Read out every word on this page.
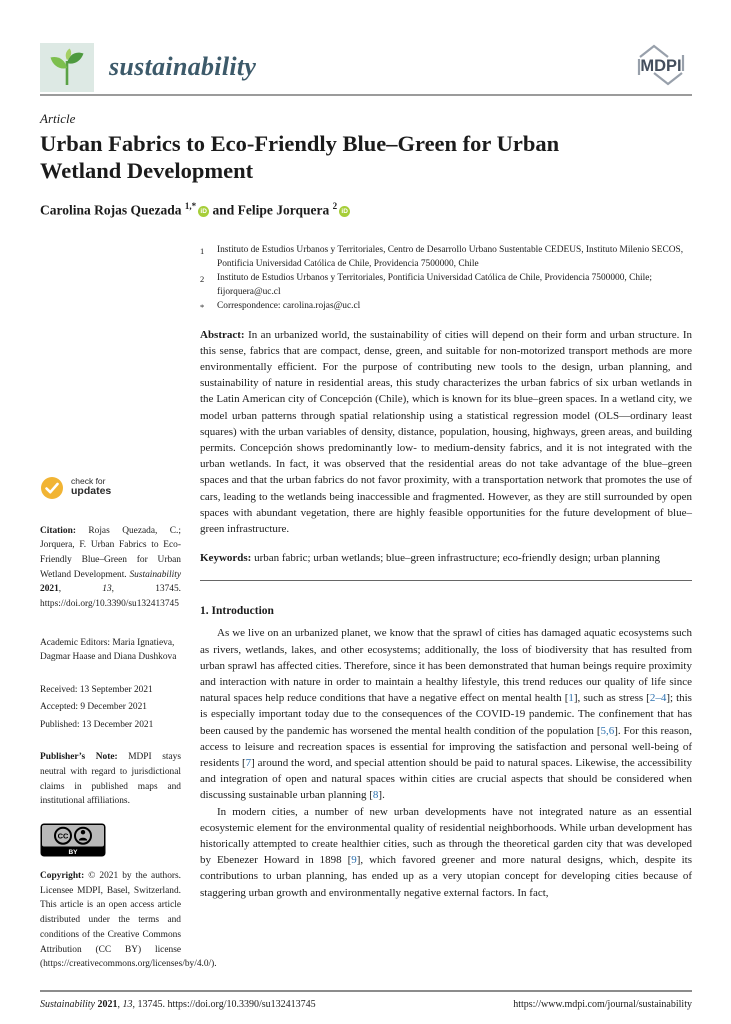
sustainability	MDPI
Article
Urban Fabrics to Eco-Friendly Blue–Green for Urban Wetland Development
Carolina Rojas Quezada $^{1,*}$ iD and Felipe Jorquera $^2$ iD
check for
updates
Citation: Rojas Quezada, C.; Jorquera, F. Urban Fabrics to Eco-Friendly Blue–Green for Urban Wetland Development. Sustainability 2021, 13, 13745. https://doi.org/10.3390/su132413745
Academic Editors: Maria Ignatieva, Dagmar Haase and Diana Dushkova
Received: 13 September 2021
Accepted: 9 December 2021
Published: 13 December 2021
Publisher’s Note: MDPI stays neutral with regard to jurisdictional claims in published maps and institutional affiliations.
CC
BY
Copyright: © 2021 by the authors. Licensee MDPI, Basel, Switzerland. This article is an open access article distributed under the terms and conditions of the Creative Commons Attribution (CC BY) license (https://creativecommons.org/licenses/by/4.0/).
1	Instituto de Estudios Urbanos y Territoriales, Centro de Desarrollo Urbano Sustentable CEDEUS, Instituto Milenio SECOS, Pontificia Universidad Católica de Chile, Providencia 7500000, Chile
2	Instituto de Estudios Urbanos y Territoriales, Pontificia Universidad Católica de Chile, Providencia 7500000, Chile; fijorquera@uc.cl
*	Correspondence: carolina.rojas@uc.cl
Abstract: In an urbanized world, the sustainability of cities will depend on their form and urban structure. In this sense, fabrics that are compact, dense, green, and suitable for non-motorized transport methods are more environmentally efficient. For the purpose of contributing new tools to the design, urban planning, and sustainability of nature in residential areas, this study characterizes the urban fabrics of six urban wetlands in the Latin American city of Concepción (Chile), which is known for its blue–green spaces. In a wetland city, we model urban patterns through spatial relationship using a statistical regression model (OLS—ordinary least squares) with the urban variables of density, distance, population, housing, highways, green areas, and building permits. Concepción shows predominantly low- to medium-density fabrics, and it is not integrated with the urban wetlands. In fact, it was observed that the residential areas do not take advantage of the blue–green spaces and that the urban fabrics do not favor proximity, with a transportation network that promotes the use of cars, leading to the wetlands being inaccessible and fragmented. However, as they are still surrounded by open spaces with abundant vegetation, there are highly feasible opportunities for the future development of blue–green infrastructure.
Keywords: urban fabric; urban wetlands; blue–green infrastructure; eco-friendly design; urban planning
1. Introduction

As we live on an urbanized planet, we know that the sprawl of cities has damaged aquatic ecosystems such as rivers, wetlands, lakes, and other ecosystems; additionally, the loss of biodiversity that has resulted from urban sprawl has affected cities. Therefore, since it has been demonstrated that human beings require proximity and interaction with nature in order to maintain a healthy lifestyle, this trend reduces our quality of life since natural spaces help reduce conditions that have a negative effect on mental health [1], such as stress [2–4]; this is especially important today due to the consequences of the COVID-19 pandemic. The confinement that has been caused by the pandemic has worsened the mental health condition of the population [5,6]. For this reason, access to leisure and recreation spaces is essential for improving the satisfaction and personal well-being of residents [7] around the word, and special attention should be paid to natural spaces. Likewise, the accessibility and integration of open and natural spaces within cities are crucial aspects that should be considered when discussing sustainable urban planning [8].

In modern cities, a number of new urban developments have not integrated nature as an essential ecosystemic element for the environmental quality of residential neighborhoods. While urban development has historically attempted to create healthier cities, such as through the theoretical garden city that was developed by Ebenezer Howard in 1898 [9], which favored greener and more natural designs, which, despite its contributions to urban planning, has ended up as a very utopian concept for developing cities because of staggering urban growth and environmentally negative external factors. In fact,

Sustainability 2021, 13, 13745. https://doi.org/10.3390/su132413745	https://www.mdpi.com/journal/sustainability
